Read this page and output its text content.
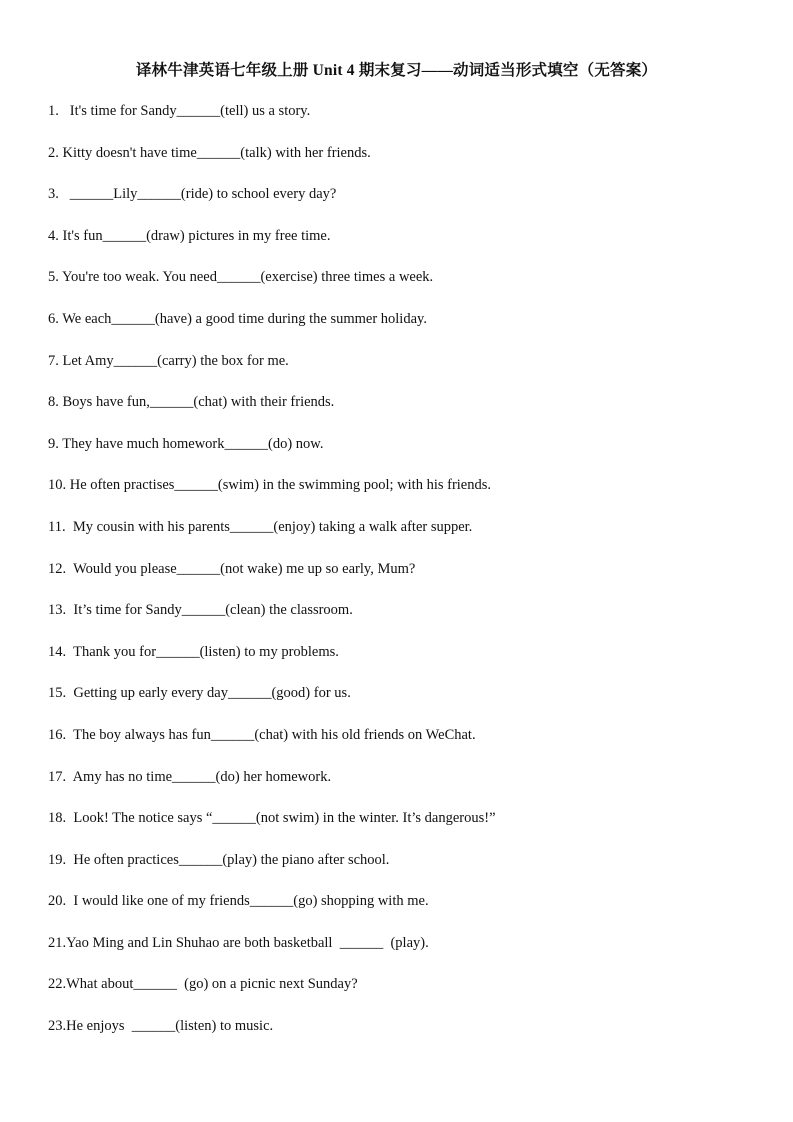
译林牛津英语七年级上册 Unit 4 期末复习——动词适当形式填空（无答案）
1.   It's time for Sandy______(tell) us a story.
2. Kitty doesn't have time______(talk) with her friends.
3.   ______Lily______(ride) to school every day?
4. It's fun______(draw) pictures in my free time.
5. You're too weak. You need______(exercise) three times a week.
6. We each______(have) a good time during the summer holiday.
7. Let Amy______(carry) the box for me.
8. Boys have fun,______(chat) with their friends.
9. They have much homework______(do) now.
10. He often practises______(swim) in the swimming pool; with his friends.
11.  My cousin with his parents______(enjoy) taking a walk after supper.
12.  Would you please______(not wake) me up so early, Mum?
13.  It’s time for Sandy______(clean) the classroom.
14.  Thank you for______(listen) to my problems.
15.  Getting up early every day______(good) for us.
16.  The boy always has fun______(chat) with his old friends on WeChat.
17.  Amy has no time______(do) her homework.
18.  Look! The notice says “______(not swim) in the winter. It’s dangerous!”
19.  He often practices______(play) the piano after school.
20.  I would like one of my friends______(go) shopping with me.
21.Yao Ming and Lin Shuhao are both basketball  ______  (play).
22.What about______  (go) on a picnic next Sunday?
23.He enjoys  ______(listen) to music.
